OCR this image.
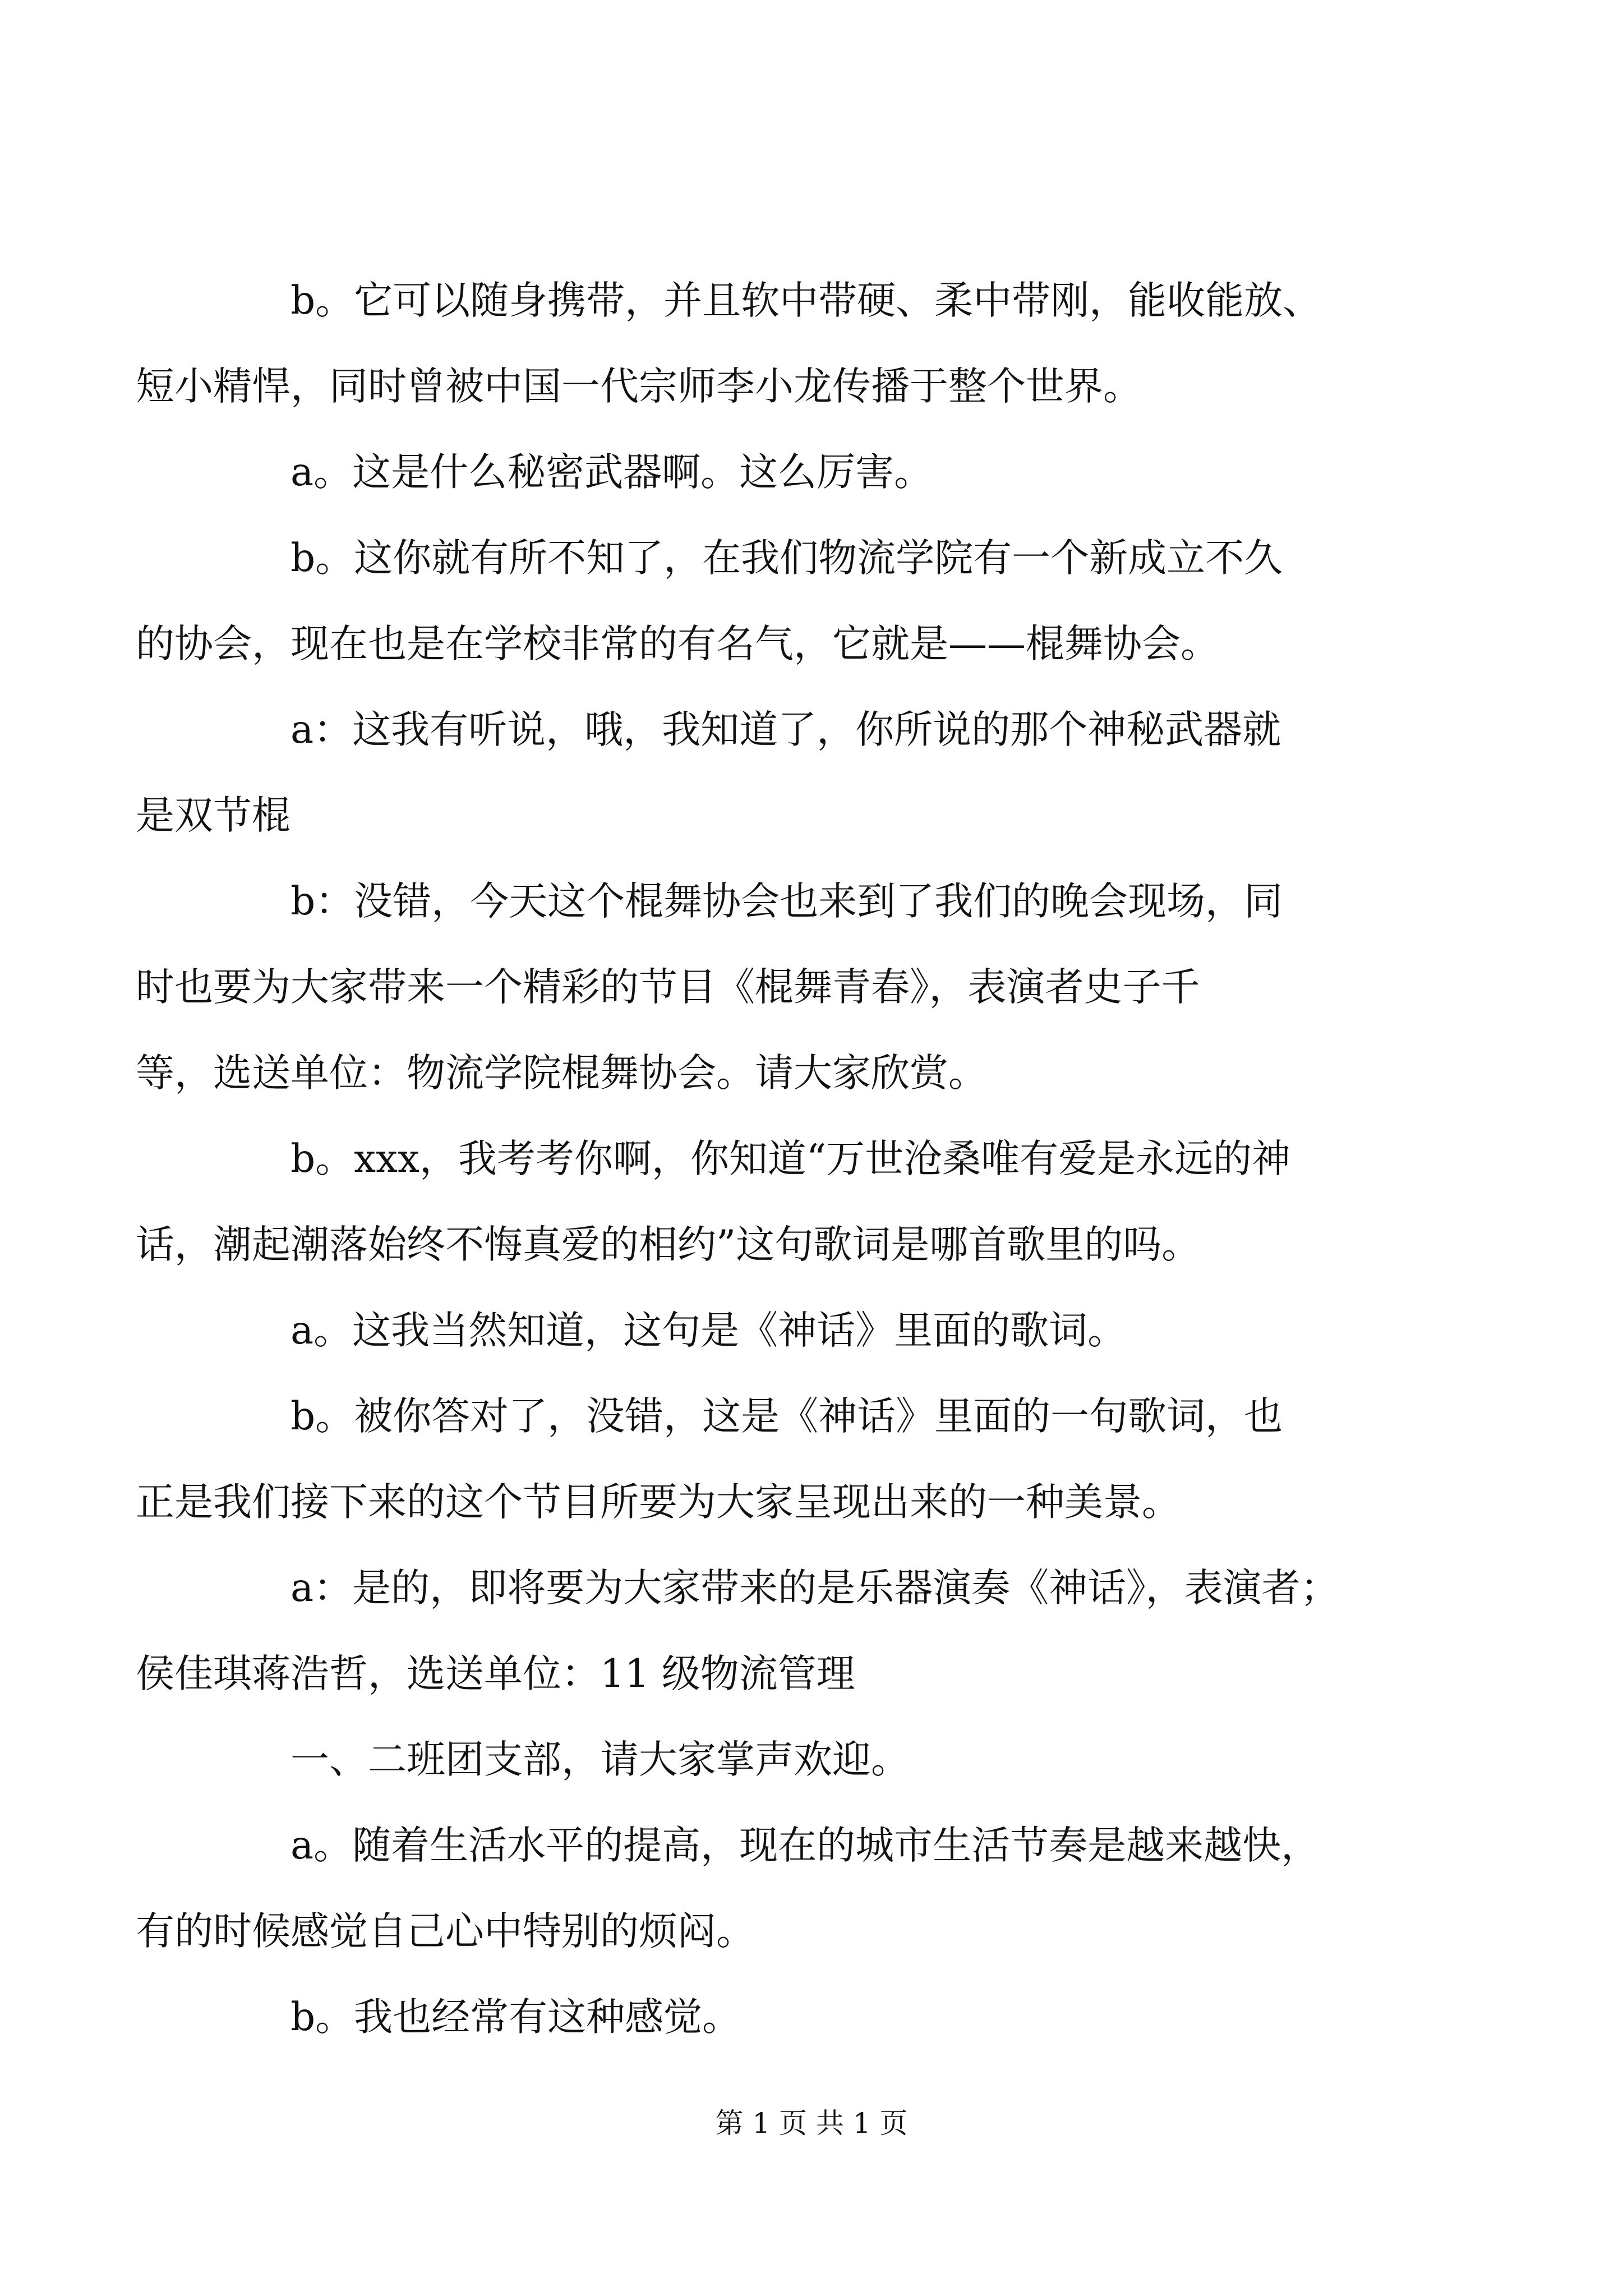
b。它可以随身携带，并且软中带硬、柔中带刚，能收能放、
短小精悍，同时曾被中国一代宗师李小龙传播于整个世界。

a。这是什么秘密武器啊。这么厉害。

b。这你就有所不知了，在我们物流学院有一个新成立不久
的协会，现在也是在学校非常的有名气，它就是——棍舞协会。

a：这我有听说，哦，我知道了，你所说的那个神秘武器就
是双节棍

b：没错，今天这个棍舞协会也来到了我们的晚会现场，同
时也要为大家带来一个精彩的节目《棍舞青春》，表演者史子千
等，选送单位：物流学院棍舞协会。请大家欣赏。

b。xxx，我考考你啊，你知道“万世沧桑唯有爱是永远的神
话，潮起潮落始终不悔真爱的相约”这句歌词是哪首歌里的吗。

a。这我当然知道，这句是《神话》里面的歌词。

b。被你答对了，没错，这是《神话》里面的一句歌词，也
正是我们接下来的这个节目所要为大家呈现出来的一种美景。

a：是的，即将要为大家带来的是乐器演奏《神话》，表演者；
侯佳琪蒋浩哲，选送单位：11 级物流管理

一、二班团支部，请大家掌声欢迎。

a。随着生活水平的提高，现在的城市生活节奏是越来越快，
有的时候感觉自己心中特别的烦闷。

b。我也经常有这种感觉。

第 1 页 共 1 页
